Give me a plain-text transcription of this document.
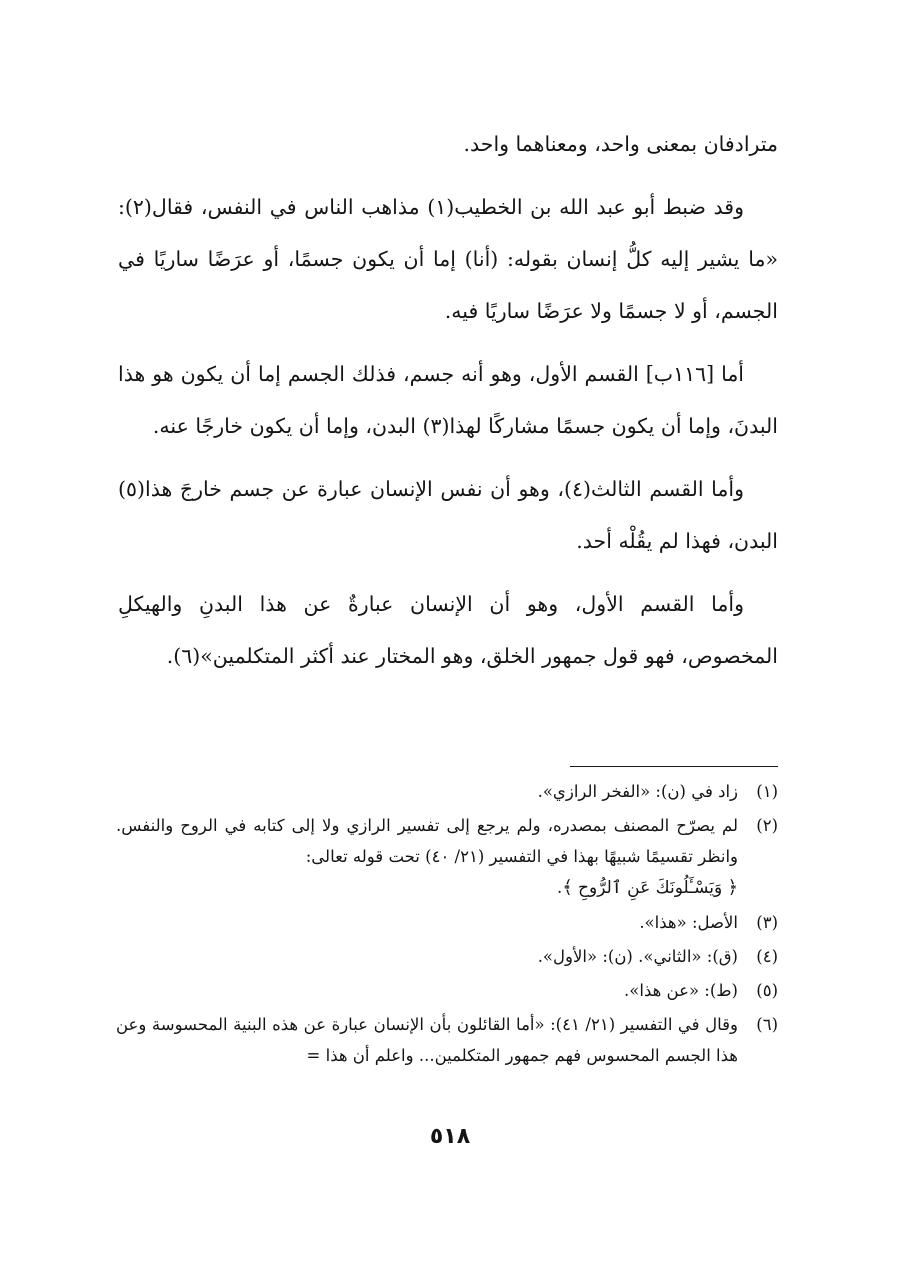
مترادفان بمعنى واحد، ومعناهما واحد.

وقد ضبط أبو عبد الله بن الخطيب(١) مذاهب الناس في النفس، فقال(٢): «ما يشير إليه كلُّ إنسان بقوله: (أنا) إما أن يكون جسمًا، أو عرَضًا ساريًا في الجسم، أو لا جسمًا ولا عرَضًا ساريًا فيه.

أما [١١٦ب] القسم الأول، وهو أنه جسم، فذلك الجسم إما أن يكون هو هذا البدنَ، وإما أن يكون جسمًا مشاركًا لهذا(٣) البدن، وإما أن يكون خارجًا عنه.

وأما القسم الثالث(٤)، وهو أن نفس الإنسان عبارة عن جسم خارجَ هذا(٥) البدن، فهذا لم يقُلْه أحد.

وأما القسم الأول، وهو أن الإنسان عبارةٌ عن هذا البدنِ والهيكلِ المخصوص، فهو قول جمهور الخلق، وهو المختار عند أكثر المتكلمين»(٦).

(١)
زاد في (ن): «الفخر الرازي».
(٢)
لم يصرّح المصنف بمصدره، ولم يرجع إلى تفسير الرازي ولا إلى كتابه في الروح والنفس. وانظر تقسيمًا شبيهًا بهذا في التفسير (٢١/ ٤٠) تحت قوله تعالى:
﴿ وَيَسْـَٔلُونَكَ عَنِ ٱلرُّوحِ ﴾.
(٣)
الأصل: «هذا».
(٤)
(ق): «الثاني». (ن): «الأول».
(٥)
(ط): «عن هذا».
(٦)
وقال في التفسير (٢١/ ٤١): «أما القائلون بأن الإنسان عبارة عن هذه البنية المحسوسة وعن هذا الجسم المحسوس فهم جمهور المتكلمين... واعلم أن هذا =
٥١٨
